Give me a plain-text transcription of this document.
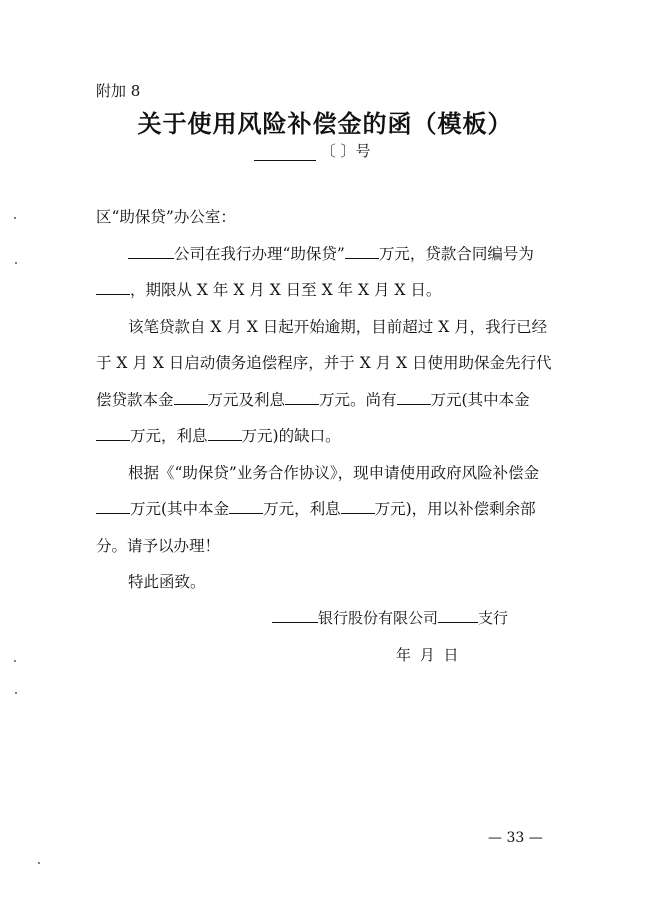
附加 8
关于使用风险补偿金的函（模板）
〔 〕号

区“助保贷”办公室：

公司在我行办理“助保贷” 万元，贷款合同编号为，期限从 X 年 X 月 X 日至 X 年 X 月 X 日。

该笔贷款自 X 月 X 日起开始逾期，目前超过 X 月，我行已经于 X 月 X 日启动债务追偿程序，并于 X 月 X 日使用助保金先行代偿贷款本金 万元及利息 万元。尚有 万元(其中本金万元，利息 万元)的缺口。

根据《“助保贷”业务合作协议》，现申请使用政府风险补偿金万元(其中本金 万元，利息 万元)，用以补偿剩余部分。请予以办理！

特此函致。

银行股份有限公司	支行
年 月 日
— 33 —
